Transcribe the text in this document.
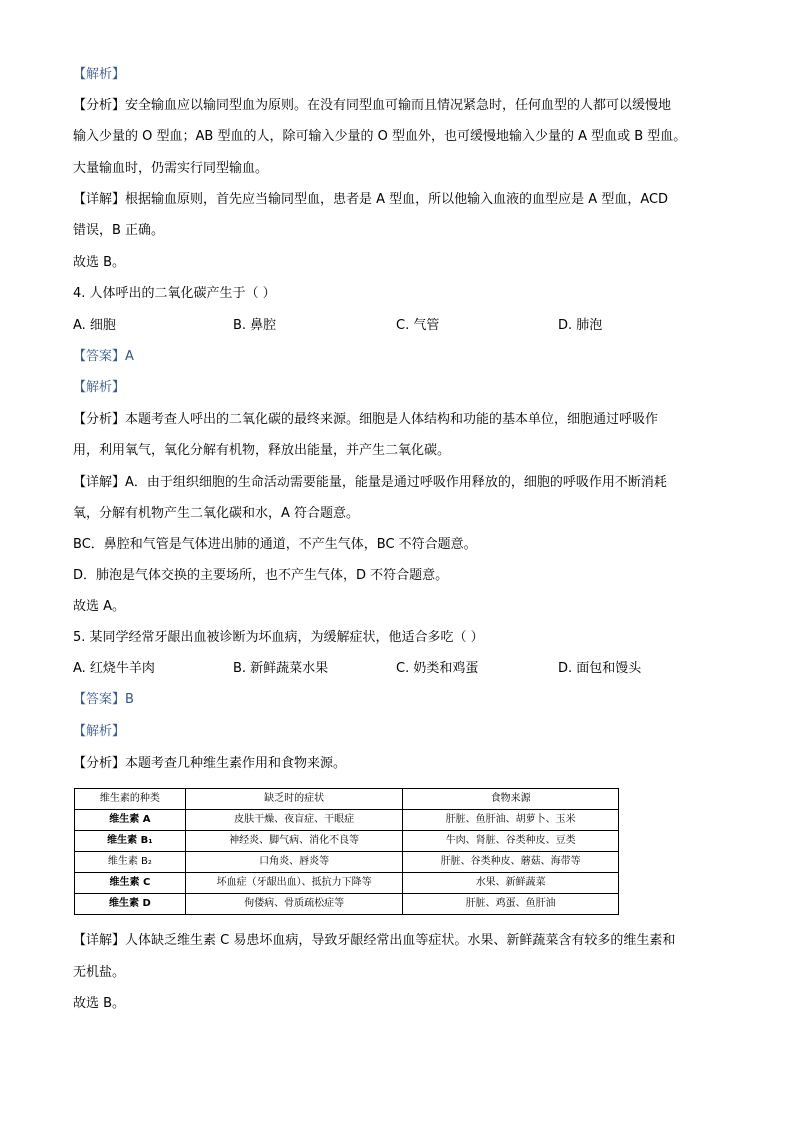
【解析】
【分析】安全输血应以输同型血为原则。在没有同型血可输而且情况紧急时，任何血型的人都可以缓慢地
输入少量的 O 型血；AB 型血的人，除可输入少量的 O 型血外，也可缓慢地输入少量的 A 型血或 B 型血。
大量输血时，仍需实行同型输血。
【详解】根据输血原则，首先应当输同型血，患者是 A 型血，所以他输入血液的血型应是 A 型血，ACD
错误，B 正确。
故选 B。
4. 人体呼出的二氧化碳产生于（ ）
A. 细胞	B. 鼻腔	C. 气管	D. 肺泡
【答案】A
【解析】
【分析】本题考查人呼出的二氧化碳的最终来源。细胞是人体结构和功能的基本单位，细胞通过呼吸作
用，利用氧气，氧化分解有机物，释放出能量，并产生二氧化碳。
【详解】A．由于组织细胞的生命活动需要能量，能量是通过呼吸作用释放的，细胞的呼吸作用不断消耗
氧，分解有机物产生二氧化碳和水，A 符合题意。
BC．鼻腔和气管是气体进出肺的通道，不产生气体，BC 不符合题意。
D．肺泡是气体交换的主要场所，也不产生气体，D 不符合题意。
故选 A。
5. 某同学经常牙龈出血被诊断为坏血病，为缓解症状，他适合多吃（ ）
A. 红烧牛羊肉	B. 新鲜蔬菜水果	C. 奶类和鸡蛋	D. 面包和馒头
【答案】B
【解析】
【分析】本题考查几种维生素作用和食物来源。
维生素的种类	缺乏时的症状	食物来源
维生素 A	皮肤干燥、夜盲症、干眼症	肝脏、鱼肝油、胡萝卜、玉米
维生素 B₁	神经炎、脚气病、消化不良等	牛肉、肾脏、谷类种皮、豆类
维生素 B₂	口角炎、唇炎等	肝脏、谷类种皮、蘑菇、海带等
维生素 C	坏血症（牙龈出血）、抵抗力下降等	水果、新鲜蔬菜
维生素 D	佝偻病、骨质疏松症等	肝脏、鸡蛋、鱼肝油
【详解】人体缺乏维生素 C 易患坏血病，导致牙龈经常出血等症状。水果、新鲜蔬菜含有较多的维生素和
无机盐。
故选 B。
